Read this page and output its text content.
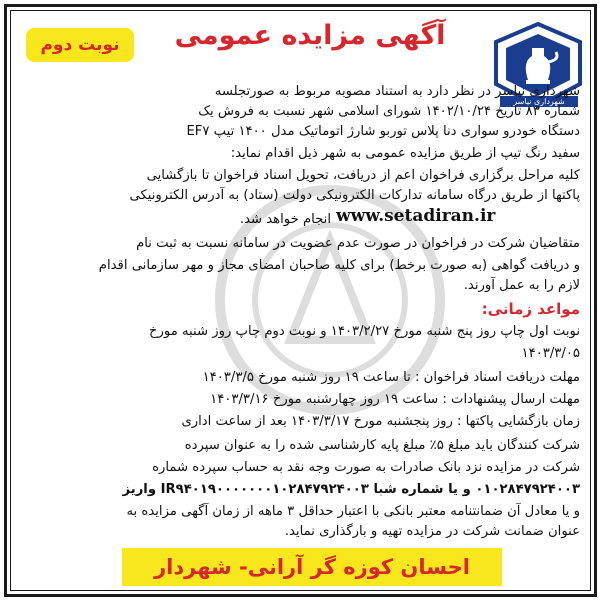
نوبت دوم	آگهی مزایده عمومی
شهرداری نیاسر
شهرداری نیاسر در نظر دارد به استناد مصوبه مربوط به صورتجلسه
شماره ۸۳ تاریخ ۱۴۰۲/۱۰/۲۴ شورای اسلامی شهر نسبت به فروش یک
دستگاه خودرو سواری دنا پلاس توربو شارژ اتوماتیک مدل ۱۴۰۰ تیپ EF۷
سفید رنگ تیپ از طریق مزایده عمومی به شهر ذیل اقدام نماید:
کلیه مراحل برگزاری فراخوان اعم از دریافت، تحویل اسناد فراخوان تا بازگشایی
پاکتها از طریق درگاه سامانه تدارکات الکترونیکی دولت (ستاد) به آدرس الکترونیکی
انجام خواهد شد. www.setadiran.ir
متقاضیان شرکت در فراخوان در صورت عدم عضویت در سامانه نسبت به ثبت نام
و دریافت گواهی (به صورت برخط) برای کلیه صاحبان امضای مجاز و مهر سازمانی اقدام
لازم را به عمل آورند.
مواعد زمانی:
نوبت اول چاپ روز پنج شنبه مورخ ۱۴۰۳/۲/۲۷ و نوبت دوم چاپ روز شنبه مورخ
۱۴۰۳/۳/۰۵
مهلت دریافت اسناد فراخوان : تا ساعت ۱۹ روز شنبه مورخ ۱۴۰۳/۳/۵
مهلت ارسال پیشنهادات : ساعت ۱۹ روز چهارشنبه مورخ ۱۴۰۳/۳/۱۶
زمان بازگشایی پاکتها : روز پنجشنبه مورخ ۱۴۰۳/۳/۱۷ بعد از ساعت اداری
شرکت کنندگان باید مبلغ ۵٪ مبلغ پایه کارشناسی شده را به عنوان سپرده
شرکت در مزایده نزد بانک صادرات به صورت وجه نقد به حساب سپرده شماره
۰۱۰۲۸۴۷۹۲۴۰۰۳ و یا شماره شبا IR۹۴۰۱۹۰۰۰۰۰۰۰۱۰۲۸۴۷۹۲۴۰۰۳ واریز
و یا معادل آن ضمانتنامه معتبر بانکی با اعتبار حداقل ۳ ماهه از زمان آگهی مزایده به
عنوان ضمانت شرکت در مزایده تهیه و بارگذاری نماید.
احسان کوزه گر آرانی- شهردار
